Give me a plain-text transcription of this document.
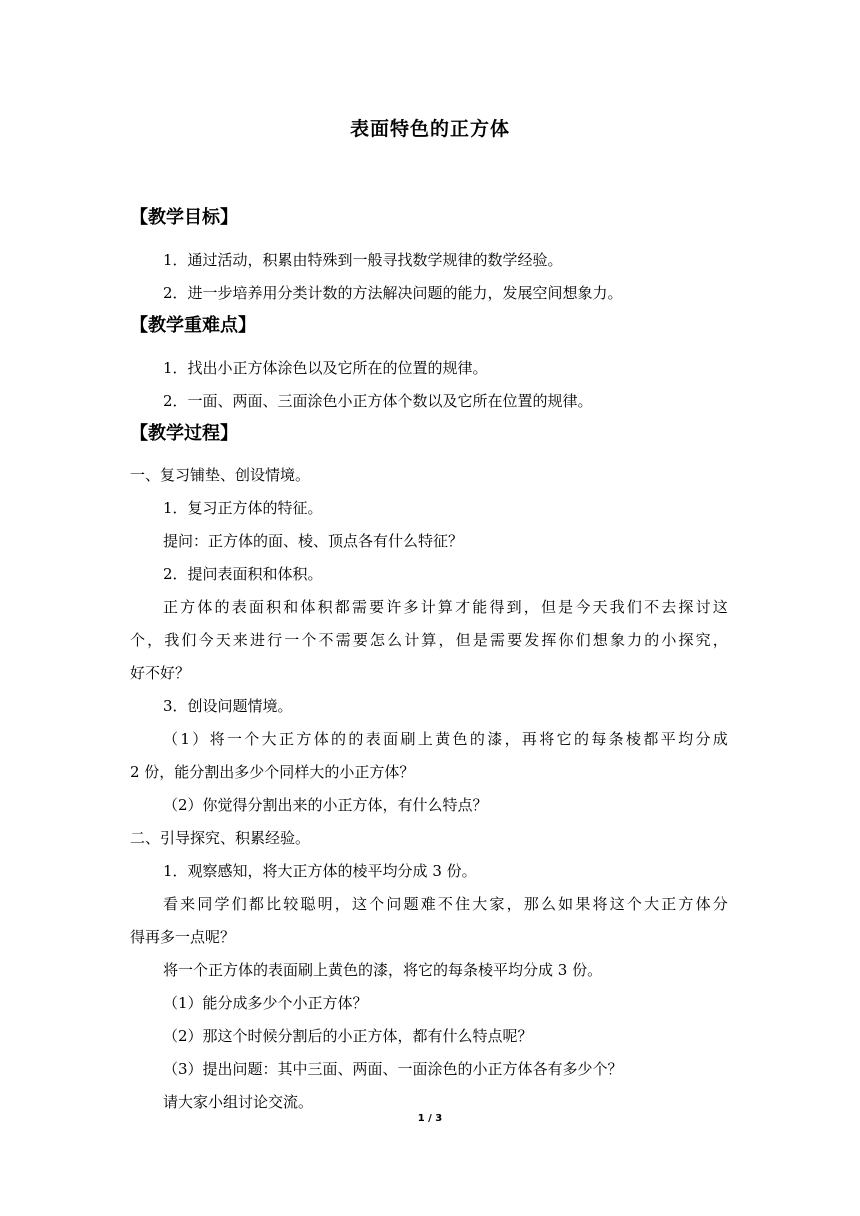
表面特色的正方体
【教学目标】
1．通过活动，积累由特殊到一般寻找数学规律的数学经验。
2．进一步培养用分类计数的方法解决问题的能力，发展空间想象力。
【教学重难点】
1．找出小正方体涂色以及它所在的位置的规律。
2．一面、两面、三面涂色小正方体个数以及它所在位置的规律。
【教学过程】
一、复习铺垫、创设情境。
1．复习正方体的特征。
提问：正方体的面、棱、顶点各有什么特征？
2．提问表面积和体积。
正方体的表面积和体积都需要许多计算才能得到，但是今天我们不去探讨这
个，我们今天来进行一个不需要怎么计算，但是需要发挥你们想象力的小探究，
好不好？
3．创设问题情境。
（1）将一个大正方体的的表面刷上黄色的漆，再将它的每条棱都平均分成
2 份，能分割出多少个同样大的小正方体？
（2）你觉得分割出来的小正方体，有什么特点？
二、引导探究、积累经验。
1．观察感知，将大正方体的棱平均分成 3 份。
看来同学们都比较聪明，这个问题难不住大家，那么如果将这个大正方体分
得再多一点呢？
将一个正方体的表面刷上黄色的漆，将它的每条棱平均分成 3 份。
（1）能分成多少个小正方体？
（2）那这个时候分割后的小正方体，都有什么特点呢？
（3）提出问题：其中三面、两面、一面涂色的小正方体各有多少个？
请大家小组讨论交流。
1 / 3
